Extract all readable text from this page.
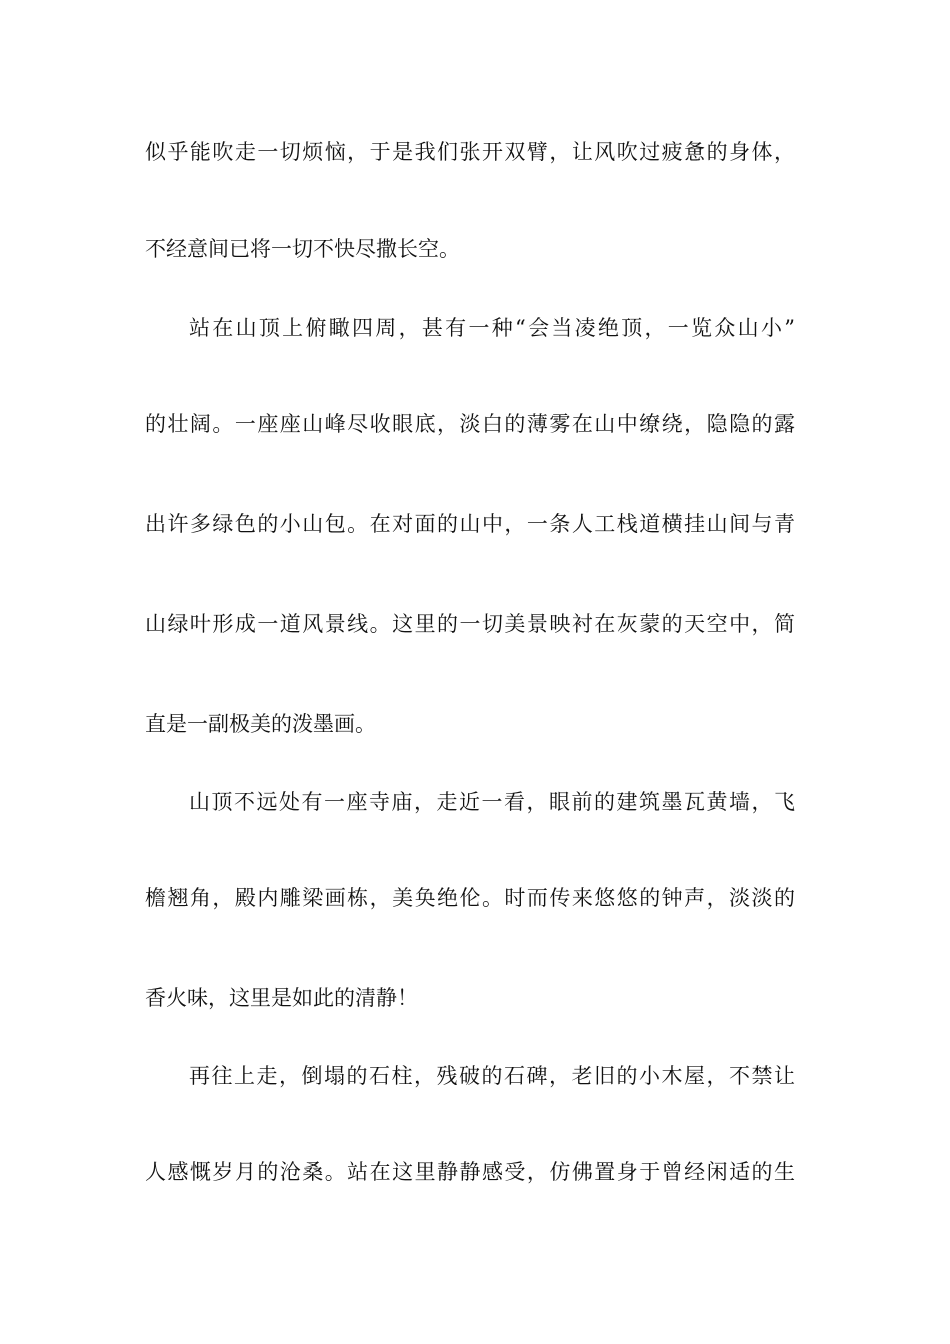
似乎能吹走一切烦恼，于是我们张开双臂，让风吹过疲惫的身体，
不经意间已将一切不快尽撒长空。
站在山顶上俯瞰四周，甚有一种“会当凌绝顶，一览众山小”
的壮阔。一座座山峰尽收眼底，淡白的薄雾在山中缭绕，隐隐的露
出许多绿色的小山包。在对面的山中，一条人工栈道横挂山间与青
山绿叶形成一道风景线。这里的一切美景映衬在灰蒙的天空中，简
直是一副极美的泼墨画。
山顶不远处有一座寺庙，走近一看，眼前的建筑墨瓦黄墙，飞
檐翘角，殿内雕梁画栋，美奂绝伦。时而传来悠悠的钟声，淡淡的
香火味，这里是如此的清静！
再往上走，倒塌的石柱，残破的石碑，老旧的小木屋，不禁让
人感慨岁月的沧桑。站在这里静静感受，仿佛置身于曾经闲适的生
